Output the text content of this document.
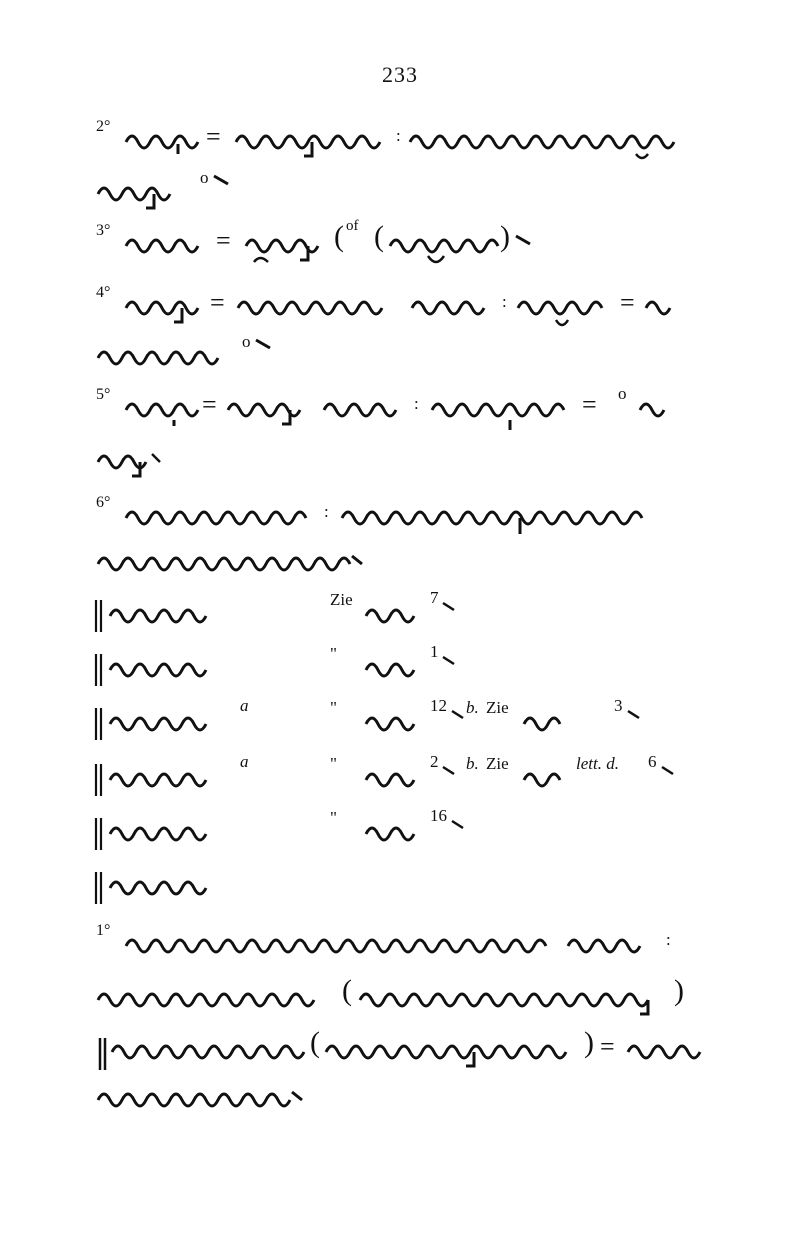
233
2°	=	:
o
3°	=	( of (	)
4°	=	:	=
o
5°	=	:	= o
6°	:
Zie	7
"	1
a	"	12 b. Zie	3
a	"	2 b. Zie	lett. d. 6
"	16
1°	:
(	)
(	) =
